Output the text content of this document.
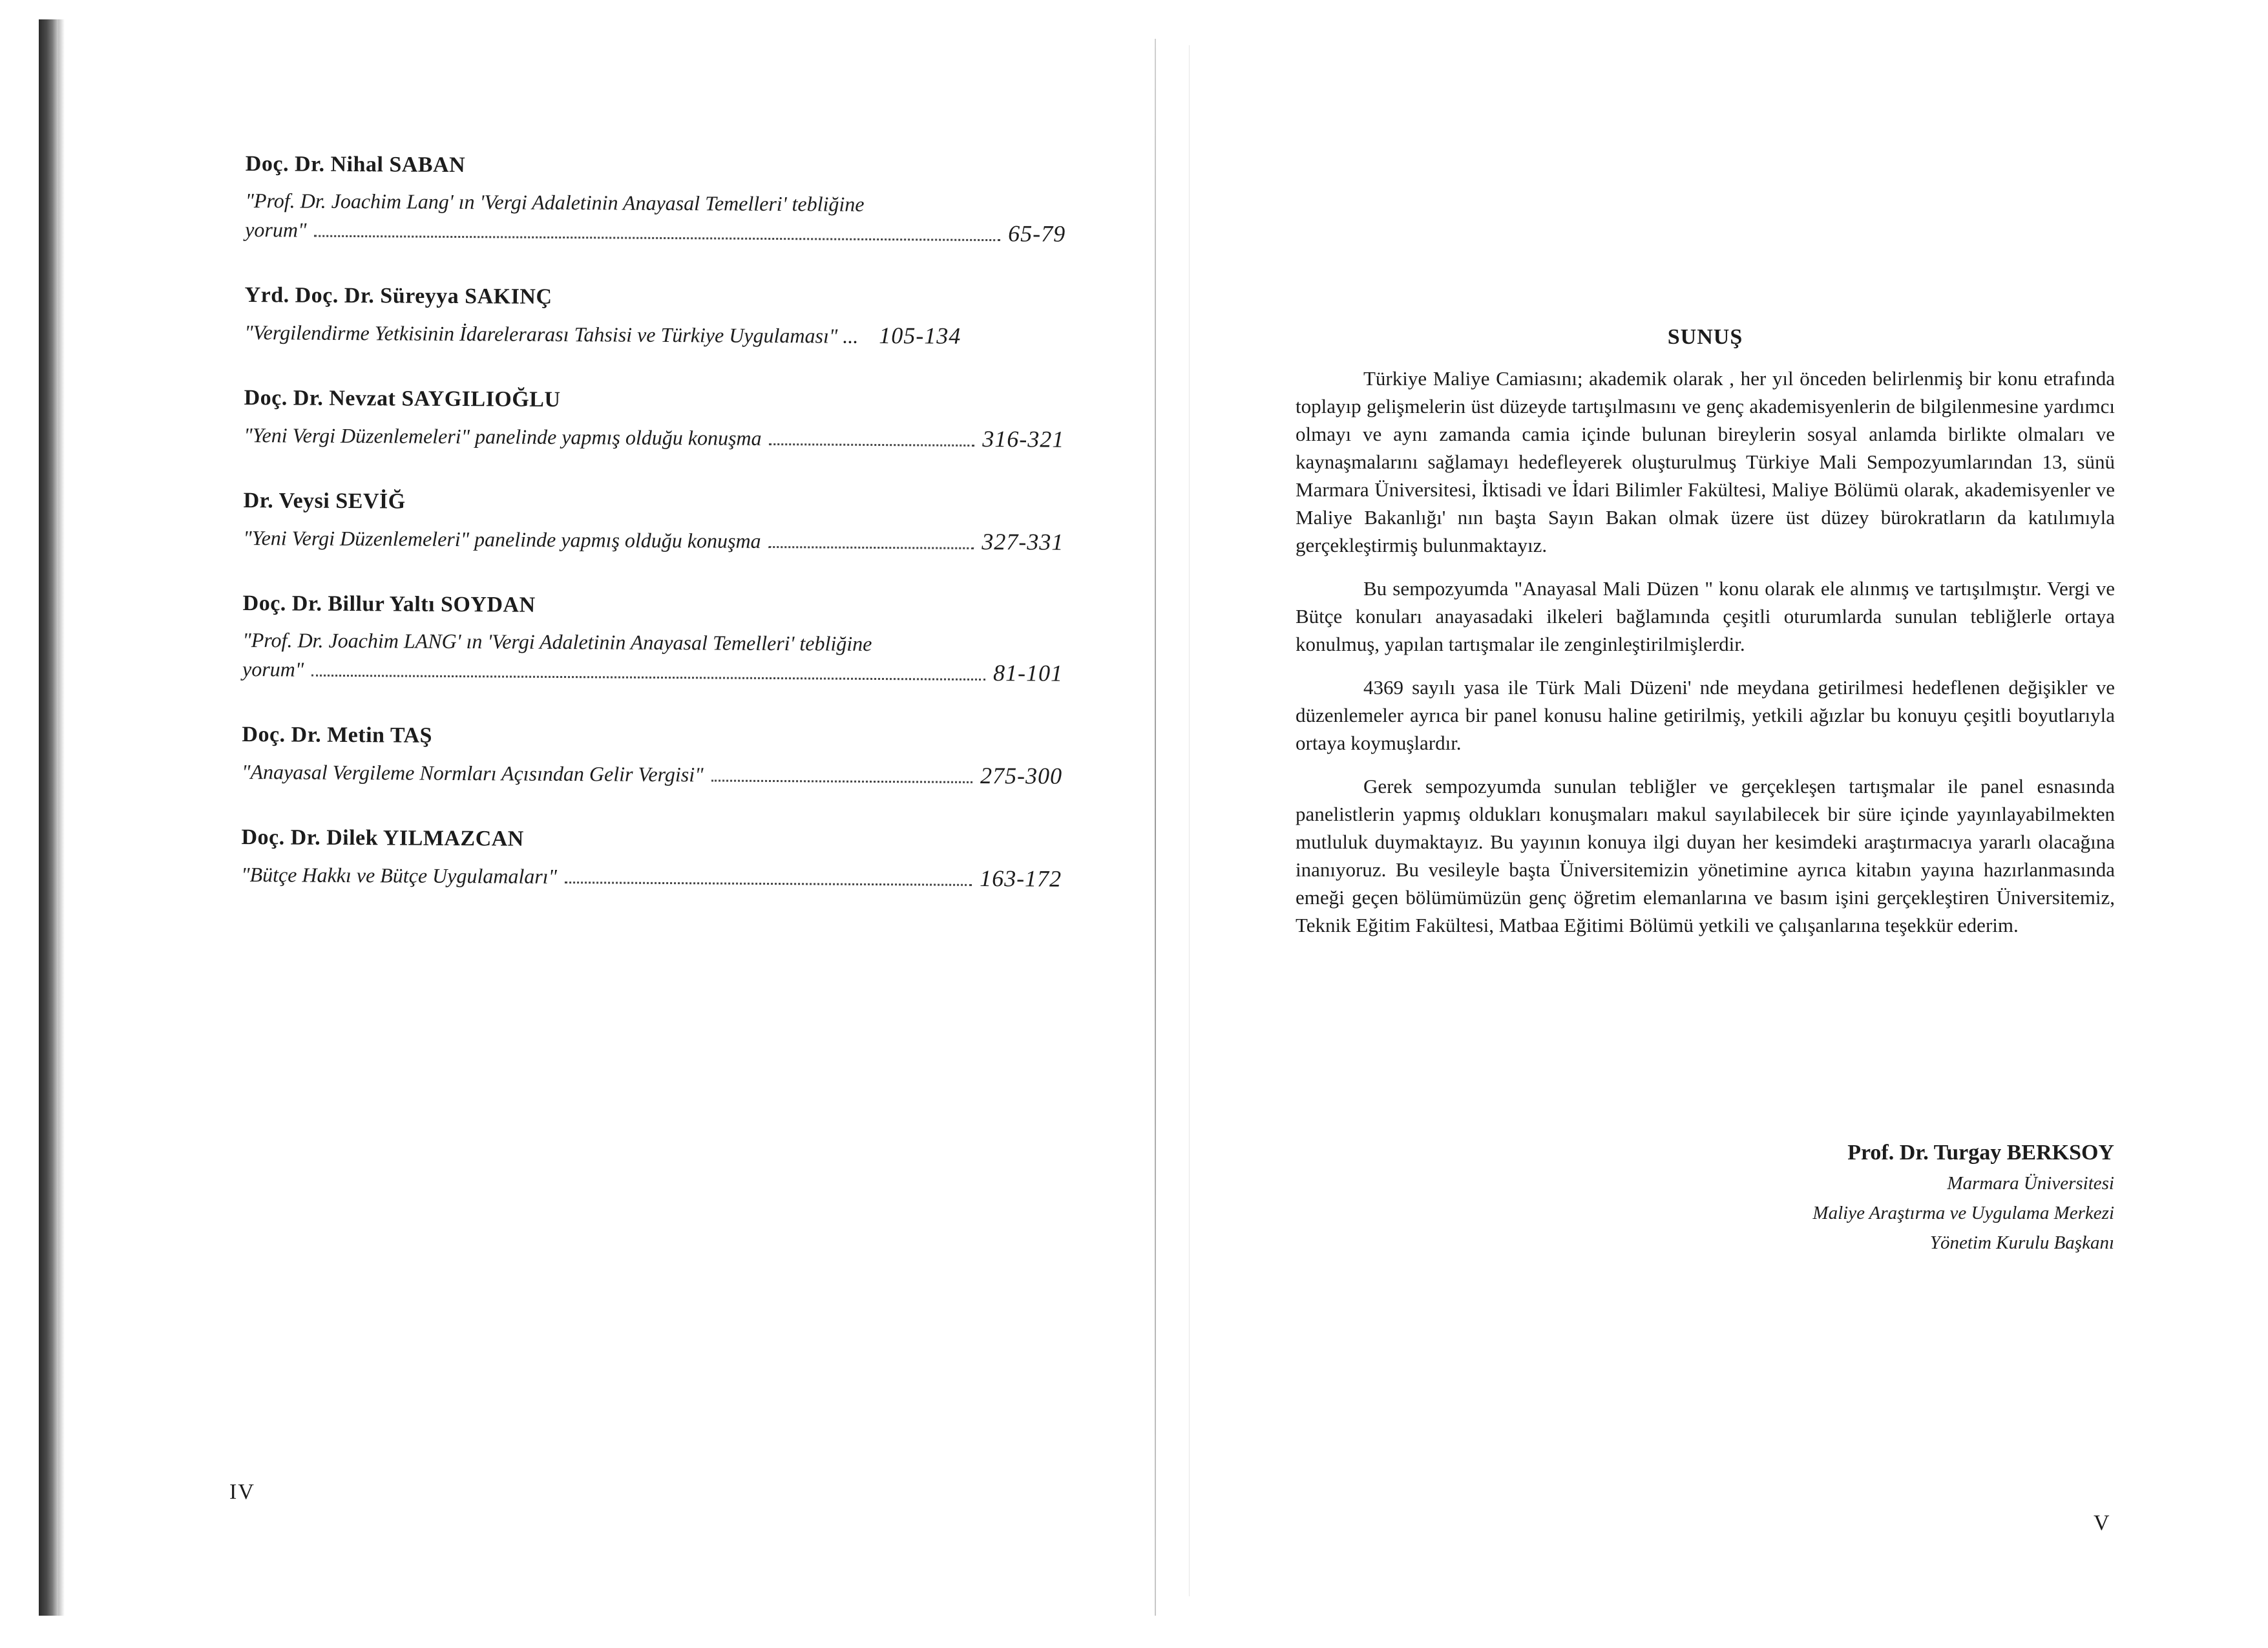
Doç. Dr. Nihal SABAN
"Prof. Dr. Joachim Lang' ın 'Vergi Adaletinin Anayasal Temelleri' tebliğine
yorum"	65-79
Yrd. Doç. Dr. Süreyya SAKINÇ
"Vergilendirme Yetkisinin İdarelerarası Tahsisi ve Türkiye Uygulaması" ... 105-134
Doç. Dr. Nevzat SAYGILIOĞLU
"Yeni Vergi Düzenlemeleri" panelinde yapmış olduğu konuşma	316-321
Dr. Veysi SEVİĞ
"Yeni Vergi Düzenlemeleri" panelinde yapmış olduğu konuşma	327-331
Doç. Dr. Billur Yaltı SOYDAN
"Prof. Dr. Joachim LANG' ın 'Vergi Adaletinin Anayasal Temelleri' tebliğine
yorum"	81-101
Doç. Dr. Metin TAŞ
"Anayasal Vergileme Normları Açısından Gelir Vergisi"	275-300
Doç. Dr. Dilek YILMAZCAN
"Bütçe Hakkı ve Bütçe Uygulamaları"	163-172
IV
SUNUŞ

Türkiye Maliye Camiasını; akademik olarak , her yıl önceden belirlenmiş bir konu etrafında toplayıp gelişmelerin üst düzeyde tartışılmasını ve genç akademisyenlerin de bilgilenmesine yardımcı olmayı ve aynı zamanda camia içinde bulunan bireylerin sosyal anlamda birlikte olmaları ve kaynaşmalarını sağlamayı hedefleyerek oluşturulmuş Türkiye Mali Sempozyumlarından 13, sünü Marmara Üniversitesi, İktisadi ve İdari Bilimler Fakültesi, Maliye Bölümü olarak, akademisyenler ve Maliye Bakanlığı' nın başta Sayın Bakan olmak üzere üst düzey bürokratların da katılımıyla gerçekleştirmiş bulunmaktayız.

Bu sempozyumda "Anayasal Mali Düzen " konu olarak ele alınmış ve tartışılmıştır. Vergi ve Bütçe konuları anayasadaki ilkeleri bağlamında çeşitli oturumlarda sunulan tebliğlerle ortaya konulmuş, yapılan tartışmalar ile zenginleştirilmişlerdir.

4369 sayılı yasa ile Türk Mali Düzeni' nde meydana getirilmesi hedeflenen değişikler ve düzenlemeler ayrıca bir panel konusu haline getirilmiş, yetkili ağızlar bu konuyu çeşitli boyutlarıyla ortaya koymuşlardır.

Gerek sempozyumda sunulan tebliğler ve gerçekleşen tartışmalar ile panel esnasında panelistlerin yapmış oldukları konuşmaları makul sayılabilecek bir süre içinde yayınlayabilmekten mutluluk duymaktayız. Bu yayının konuya ilgi duyan her kesimdeki araştırmacıya yararlı olacağına inanıyoruz. Bu vesileyle başta Üniversitemizin yönetimine ayrıca kitabın yayına hazırlanmasında emeği geçen bölümümüzün genç öğretim elemanlarına ve basım işini gerçekleştiren Üniversitemiz, Teknik Eğitim Fakültesi, Matbaa Eğitimi Bölümü yetkili ve çalışanlarına teşekkür ederim.

Prof. Dr. Turgay BERKSOY
Marmara Üniversitesi
Maliye Araştırma ve Uygulama Merkezi
Yönetim Kurulu Başkanı
V
